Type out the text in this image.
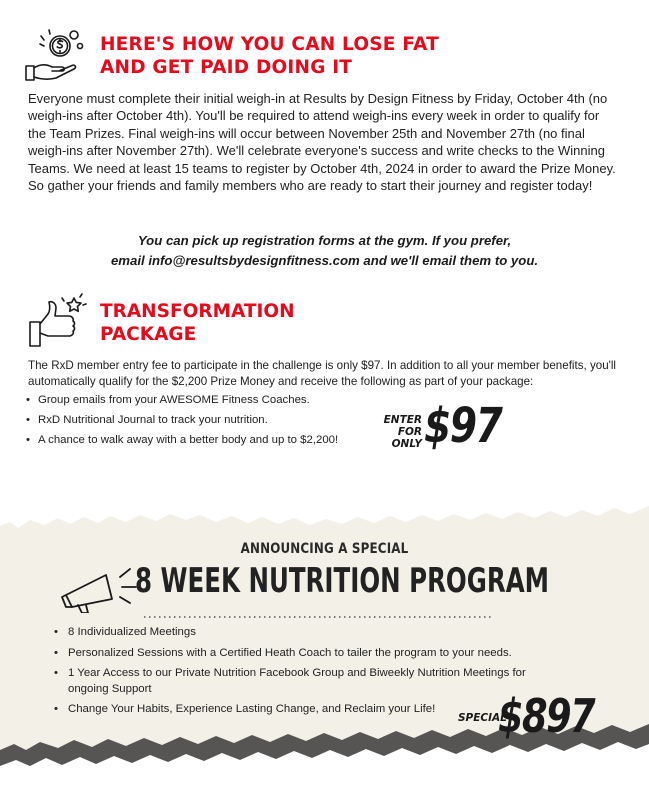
HERE'S HOW YOU CAN LOSE FAT
AND GET PAID DOING IT
Everyone must complete their initial weigh-in at Results by Design Fitness by Friday, October 4th (no weigh-ins after October 4th). You'll be required to attend weigh-ins every week in order to qualify for the Team Prizes. Final weigh-ins will occur between November 25th and November 27th (no final weigh-ins after November 27th). We'll celebrate everyone's success and write checks to the Winning Teams. We need at least 15 teams to register by October 4th, 2024 in order to award the Prize Money. So gather your friends and family members who are ready to start their journey and register today!
You can pick up registration forms at the gym. If you prefer,
email info@resultsbydesignfitness.com and we'll email them to you.
TRANSFORMATION
PACKAGE
The RxD member entry fee to participate in the challenge is only $97. In addition to all your member benefits, you'll automatically qualify for the $2,200 Prize Money and receive the following as part of your package:
• Group emails from your AWESOME Fitness Coaches.
• RxD Nutritional Journal to track your nutrition.
• A chance to walk away with a better body and up to $2,200!
ENTER
FOR ONLY $97
ANNOUNCING A SPECIAL
8 WEEK NUTRITION PROGRAM
• 8 Individualized Meetings
• Personalized Sessions with a Certified Heath Coach to tailer the program to your needs.
• 1 Year Access to our Private Nutrition Facebook Group and Biweekly Nutrition Meetings for ongoing Support
• Change Your Habits, Experience Lasting Change, and Reclaim your Life!
SPECIAL
$897
